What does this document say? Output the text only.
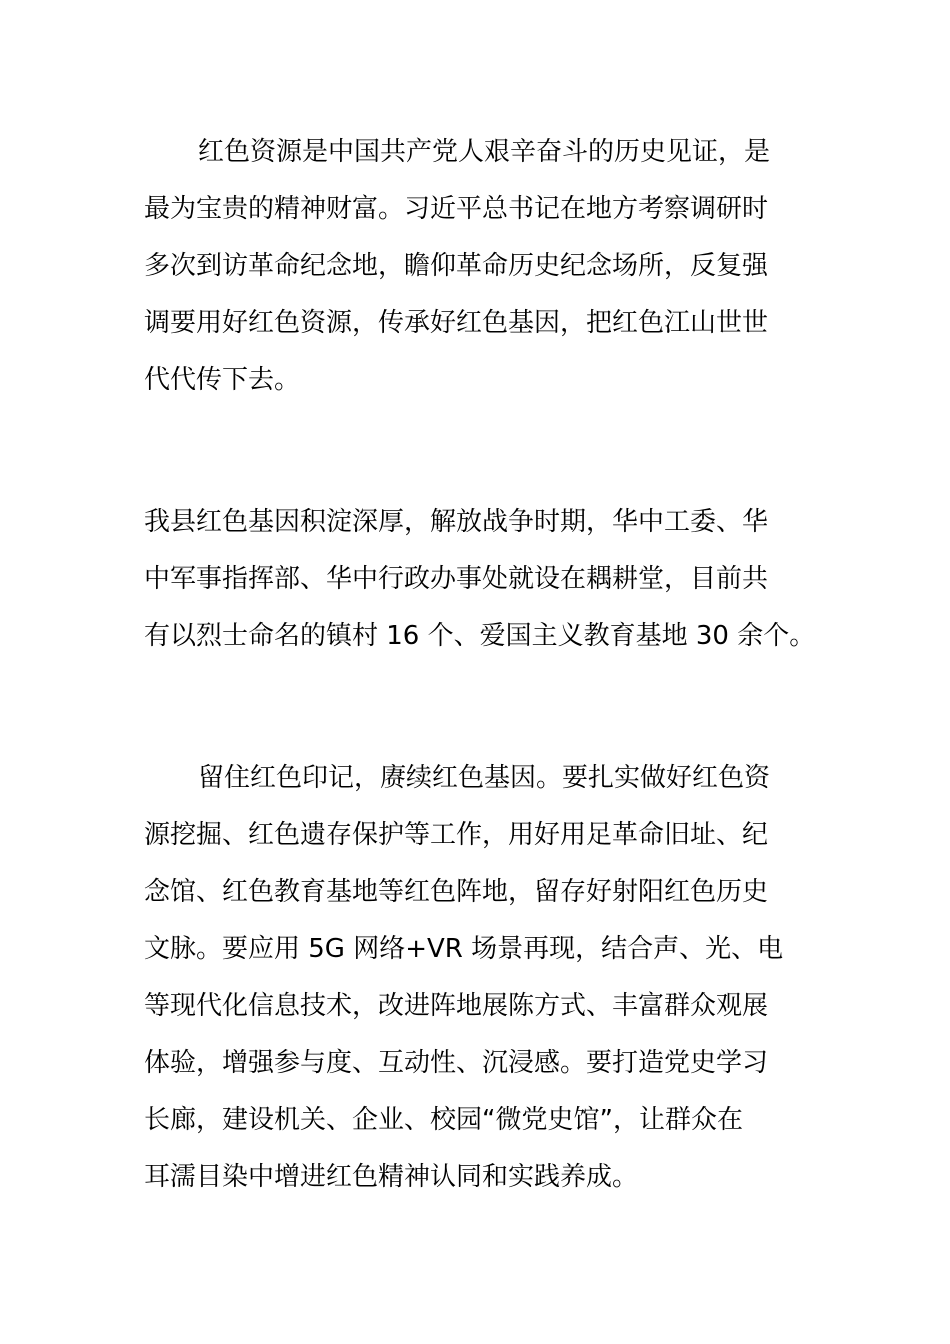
红色资源是中国共产党人艰辛奋斗的历史见证，是
最为宝贵的精神财富。习近平总书记在地方考察调研时
多次到访革命纪念地，瞻仰革命历史纪念场所，反复强
调要用好红色资源，传承好红色基因，把红色江山世世
代代传下去。
我县红色基因积淀深厚，解放战争时期，华中工委、华
中军事指挥部、华中行政办事处就设在耦耕堂，目前共
有以烈士命名的镇村 16 个、爱国主义教育基地 30 余个。
留住红色印记，赓续红色基因。要扎实做好红色资
源挖掘、红色遗存保护等工作，用好用足革命旧址、纪
念馆、红色教育基地等红色阵地，留存好射阳红色历史
文脉。要应用 5G 网络+VR 场景再现，结合声、光、电
等现代化信息技术，改进阵地展陈方式、丰富群众观展
体验，增强参与度、互动性、沉浸感。要打造党史学习
长廊，建设机关、企业、校园“微党史馆”，让群众在
耳濡目染中增进红色精神认同和实践养成。
